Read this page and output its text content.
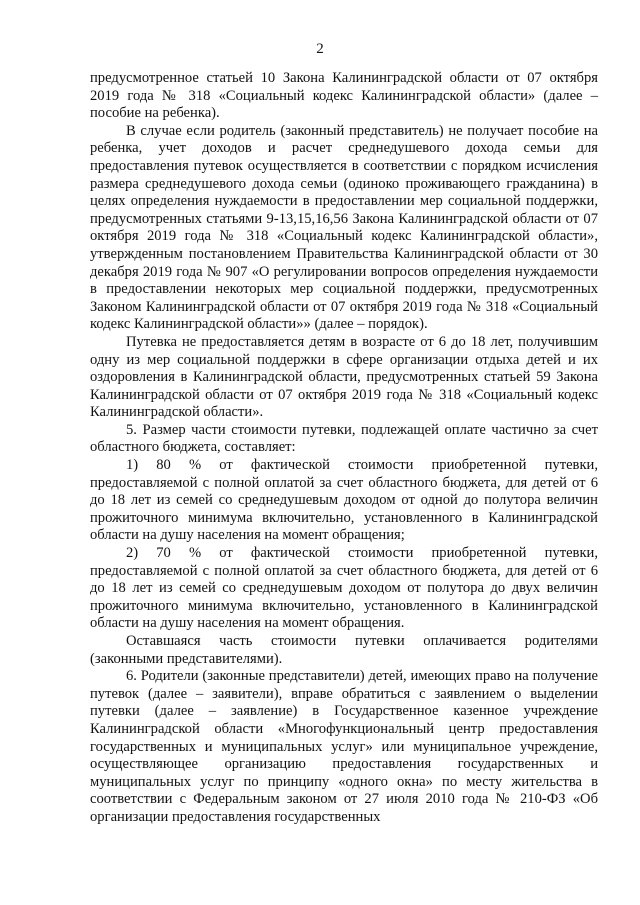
2

предусмотренное статьей 10 Закона Калининградской области от 07 октября 2019 года № 318 «Социальный кодекс Калининградской области» (далее – пособие на ребенка).

В случае если родитель (законный представитель) не получает пособие на ребенка, учет доходов и расчет среднедушевого дохода семьи для предоставления путевок осуществляется в соответствии с порядком исчисления размера среднедушевого дохода семьи (одиноко проживающего гражданина) в целях определения нуждаемости в предоставлении мер социальной поддержки, предусмотренных статьями 9-13,15,16,56 Закона Калининградской области от 07 октября 2019 года № 318 «Социальный кодекс Калининградской области», утвержденным постановлением Правительства Калининградской области от 30 декабря 2019 года № 907 «О регулировании вопросов определения нуждаемости в предоставлении некоторых мер социальной поддержки, предусмотренных Законом Калининградской области от 07 октября 2019 года № 318 «Социальный кодекс Калининградской области»» (далее – порядок).

Путевка не предоставляется детям в возрасте от 6 до 18 лет, получившим одну из мер социальной поддержки в сфере организации отдыха детей и их оздоровления в Калининградской области, предусмотренных статьей 59 Закона Калининградской области от 07 октября 2019 года № 318 «Социальный кодекс Калининградской области».

5. Размер части стоимости путевки, подлежащей оплате частично за счет областного бюджета, составляет:

1) 80 % от фактической стоимости приобретенной путевки, предоставляемой с полной оплатой за счет областного бюджета, для детей от 6 до 18 лет из семей со среднедушевым доходом от одной до полутора величин прожиточного минимума включительно, установленного в Калининградской области на душу населения на момент обращения;

2) 70 % от фактической стоимости приобретенной путевки, предоставляемой с полной оплатой за счет областного бюджета, для детей от 6 до 18 лет из семей со среднедушевым доходом от полутора до двух величин прожиточного минимума включительно, установленного в Калининградской области на душу населения на момент обращения.

Оставшаяся часть стоимости путевки оплачивается родителями (законными представителями).

6. Родители (законные представители) детей, имеющих право на получение путевок (далее – заявители), вправе обратиться с заявлением о выделении путевки (далее – заявление) в Государственное казенное учреждение Калининградской области «Многофункциональный центр предоставления государственных и муниципальных услуг» или муниципальное учреждение, осуществляющее организацию предоставления государственных и муниципальных услуг по принципу «одного окна» по месту жительства в соответствии с Федеральным законом от 27 июля 2010 года № 210-ФЗ «Об организации предоставления государственных
